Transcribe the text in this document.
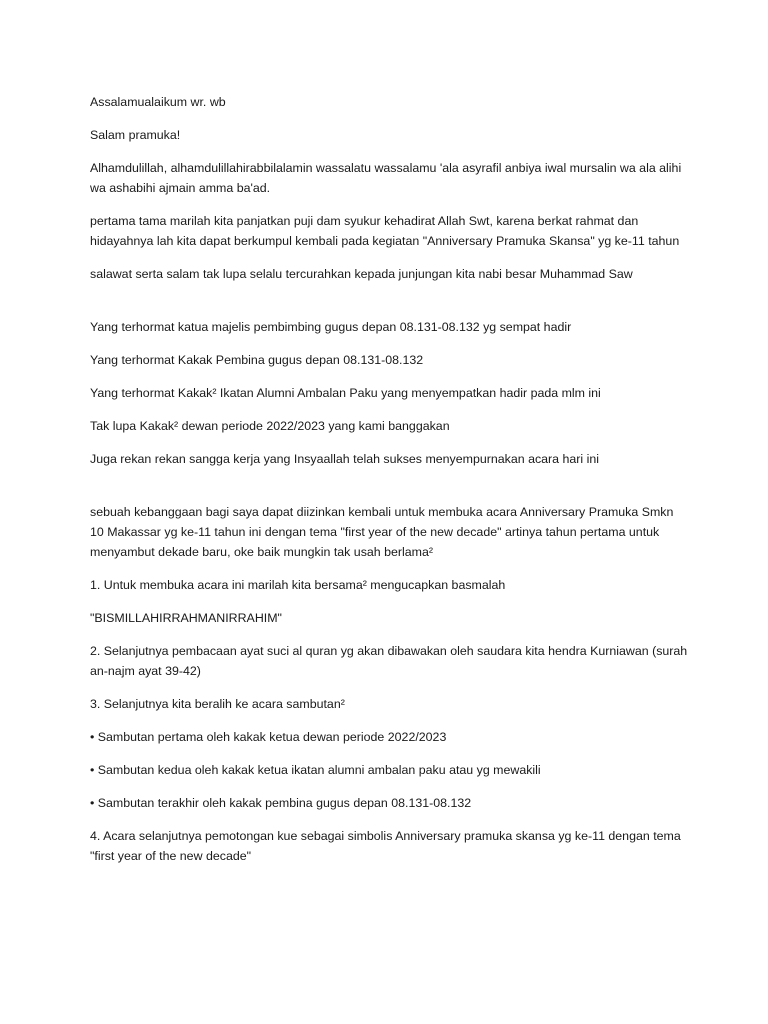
Assalamualaikum wr. wb

Salam pramuka!

Alhamdulillah, alhamdulillahirabbilalamin wassalatu wassalamu 'ala asyrafil anbiya iwal mursalin wa ala alihi wa ashabihi ajmain amma ba'ad.

pertama tama marilah kita panjatkan puji dam syukur kehadirat Allah Swt, karena berkat rahmat dan hidayahnya lah kita dapat berkumpul kembali pada kegiatan "Anniversary Pramuka Skansa" yg ke-11 tahun

salawat serta salam tak lupa selalu tercurahkan kepada junjungan kita nabi besar Muhammad Saw

Yang terhormat katua majelis pembimbing gugus depan 08.131-08.132 yg sempat hadir

Yang terhormat Kakak Pembina gugus depan 08.131-08.132

Yang terhormat Kakak² Ikatan Alumni Ambalan Paku yang menyempatkan hadir pada mlm ini

Tak lupa Kakak² dewan periode 2022/2023 yang kami banggakan

Juga rekan rekan sangga kerja yang Insyaallah telah sukses menyempurnakan acara hari ini

sebuah kebanggaan bagi saya dapat diizinkan kembali untuk membuka acara Anniversary Pramuka Smkn 10 Makassar yg ke-11 tahun ini dengan tema "first year of the new decade" artinya tahun pertama untuk menyambut dekade baru, oke baik mungkin tak usah berlama²

1. Untuk membuka acara ini marilah kita bersama² mengucapkan basmalah

"BISMILLAHIRRAHMANIRRAHIM"

2. Selanjutnya pembacaan ayat suci al quran yg akan dibawakan oleh saudara kita hendra Kurniawan (surah an-najm ayat 39-42)

3. Selanjutnya kita beralih ke acara sambutan²

• Sambutan pertama oleh kakak ketua dewan periode 2022/2023

• Sambutan kedua oleh kakak ketua ikatan alumni ambalan paku atau yg mewakili

• Sambutan terakhir oleh kakak pembina gugus depan 08.131-08.132

4. Acara selanjutnya pemotongan kue sebagai simbolis Anniversary pramuka skansa yg ke-11 dengan tema "first year of the new decade"
